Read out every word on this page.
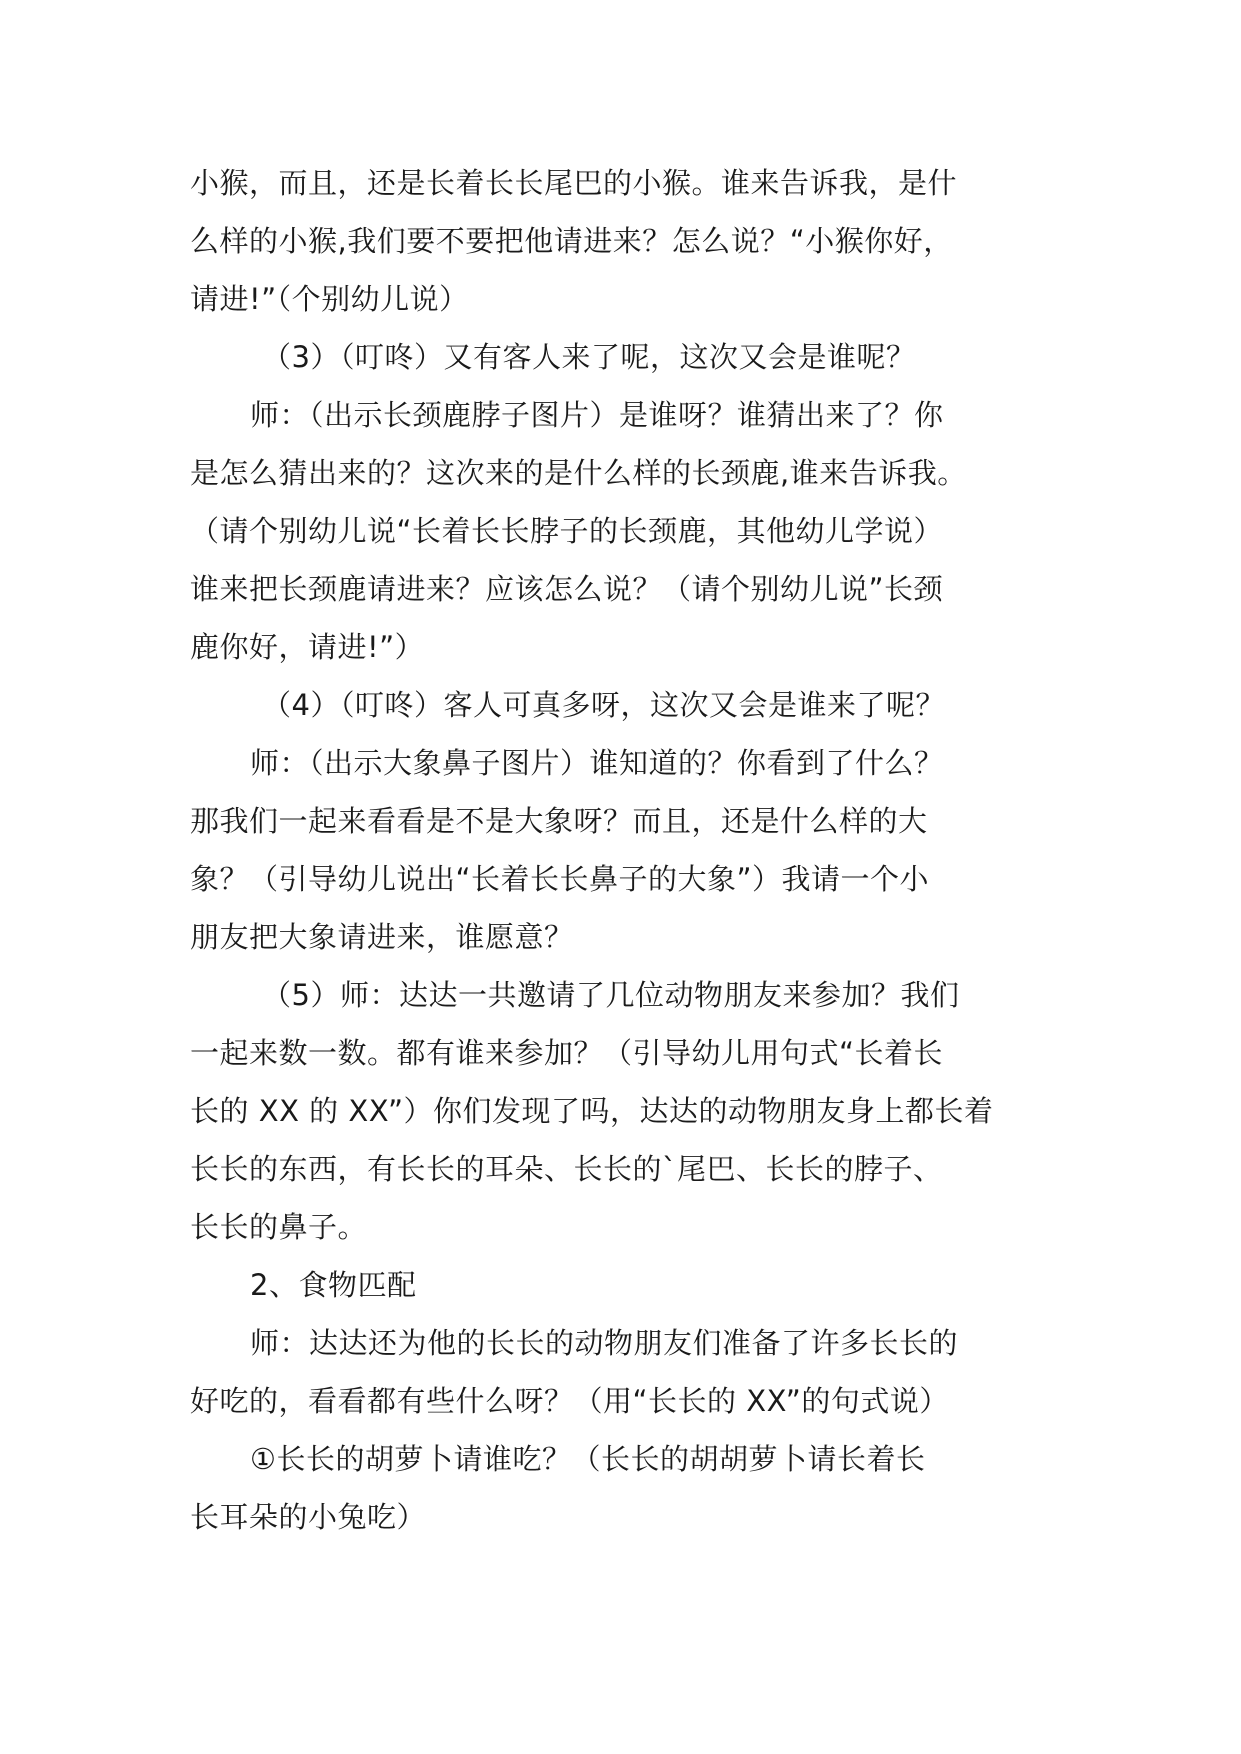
小猴，而且，还是长着长长尾巴的小猴。谁来告诉我，是什
么样的小猴,我们要不要把他请进来？怎么说？“小猴你好，
请进!”（个别幼儿说）
（3）（叮咚）又有客人来了呢，这次又会是谁呢？
师：（出示长颈鹿脖子图片）是谁呀？谁猜出来了？你
是怎么猜出来的？这次来的是什么样的长颈鹿,谁来告诉我。
（请个别幼儿说“长着长长脖子的长颈鹿，其他幼儿学说）
谁来把长颈鹿请进来？应该怎么说？（请个别幼儿说”长颈
鹿你好，请进!”）
（4）（叮咚）客人可真多呀，这次又会是谁来了呢？
师：（出示大象鼻子图片）谁知道的？你看到了什么？
那我们一起来看看是不是大象呀？而且，还是什么样的大
象？（引导幼儿说出“长着长长鼻子的大象”）我请一个小
朋友把大象请进来，谁愿意？
（5）师：达达一共邀请了几位动物朋友来参加？我们
一起来数一数。都有谁来参加？（引导幼儿用句式“长着长
长的 XX 的 XX”）你们发现了吗，达达的动物朋友身上都长着
长长的东西，有长长的耳朵、长长的`尾巴、长长的脖子、
长长的鼻子。
2、食物匹配
师：达达还为他的长长的动物朋友们准备了许多长长的
好吃的，看看都有些什么呀？（用“长长的 XX”的句式说）
①长长的胡萝卜请谁吃？（长长的胡胡萝卜请长着长
长耳朵的小兔吃）
